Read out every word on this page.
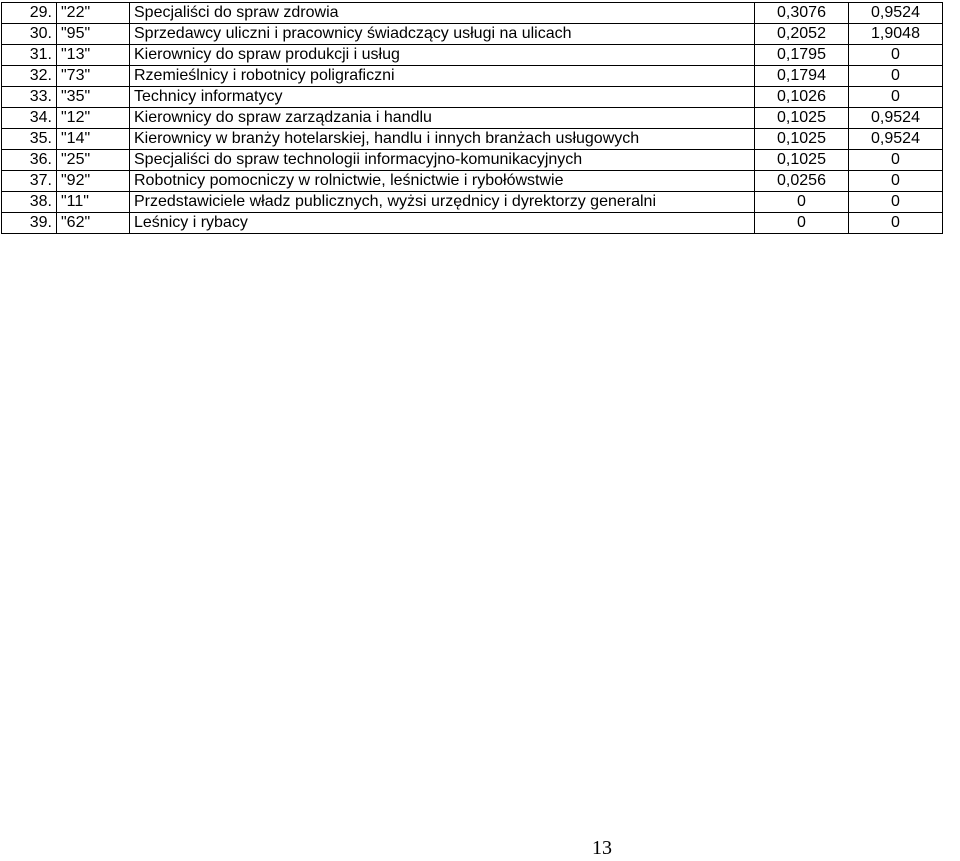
29.	"22"	Specjaliści do spraw zdrowia	0,3076	0,9524
30.	"95"	Sprzedawcy uliczni i pracownicy świadczący usługi na ulicach	0,2052	1,9048
31.	"13"	Kierownicy do spraw produkcji i usług	0,1795	0
32.	"73"	Rzemieślnicy i robotnicy poligraficzni	0,1794	0
33.	"35"	Technicy informatycy	0,1026	0
34.	"12"	Kierownicy do spraw zarządzania i handlu	0,1025	0,9524
35.	"14"	Kierownicy w branży hotelarskiej, handlu i innych branżach usługowych	0,1025	0,9524
36.	"25"	Specjaliści do spraw technologii informacyjno-komunikacyjnych	0,1025	0
37.	"92"	Robotnicy pomocniczy w rolnictwie, leśnictwie i rybołówstwie	0,0256	0
38.	"11"	Przedstawiciele władz publicznych, wyżsi urzędnicy i dyrektorzy generalni	0	0
39.	"62"	Leśnicy i rybacy	0	0
13
